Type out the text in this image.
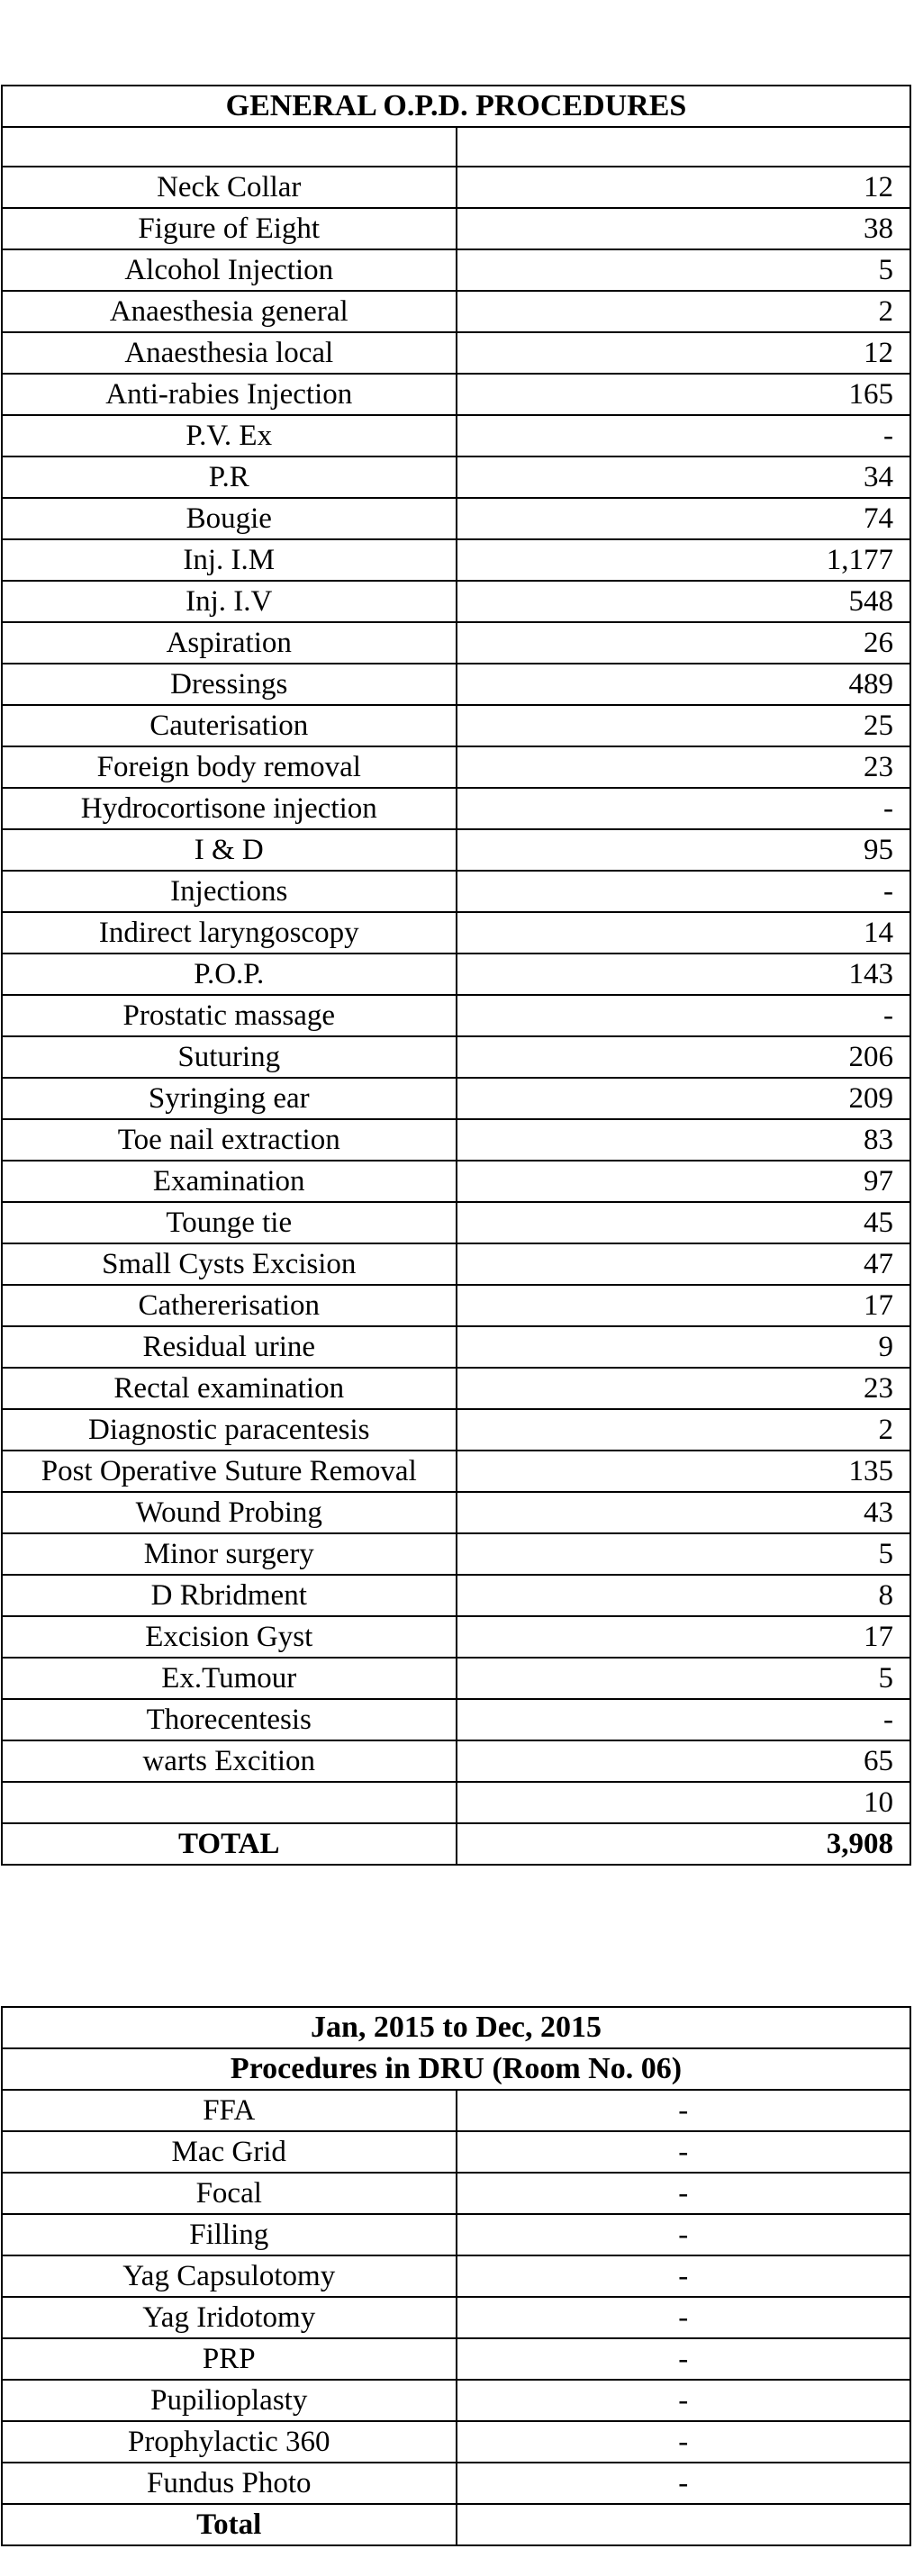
GENERAL O.P.D. PROCEDURES	

Neck Collar	12
Figure of Eight	38
Alcohol Injection	5
Anaesthesia general	2
Anaesthesia local	12
Anti-rabies Injection	165
P.V. Ex	-
P.R	34
Bougie	74
Inj. I.M	1,177
Inj. I.V	548
Aspiration	26
Dressings	489
Cauterisation	25
Foreign body removal	23
Hydrocortisone injection	-
I & D	95
Injections	-
Indirect laryngoscopy	14
P.O.P.	143
Prostatic massage	-
Suturing	206
Syringing ear	209
Toe nail extraction	83
Examination	97
Tounge tie	45
Small Cysts Excision	47
Cathererisation	17
Residual urine	9
Rectal examination	23
Diagnostic paracentesis	2
Post Operative Suture Removal	135
Wound Probing	43
Minor surgery	5
D Rbridment	8
Excision Gyst	17
Ex.Tumour	5
Thorecentesis	-
warts Excition	65
	10
TOTAL	3,908
Jan, 2015 to Dec, 2015	
Procedures in DRU (Room No. 06)	
FFA	-
Mac Grid	-
Focal	-
Filling	-
Yag Capsulotomy	-
Yag Iridotomy	-
PRP	-
Pupilioplasty	-
Prophylactic 360	-
Fundus Photo	-
Total	
